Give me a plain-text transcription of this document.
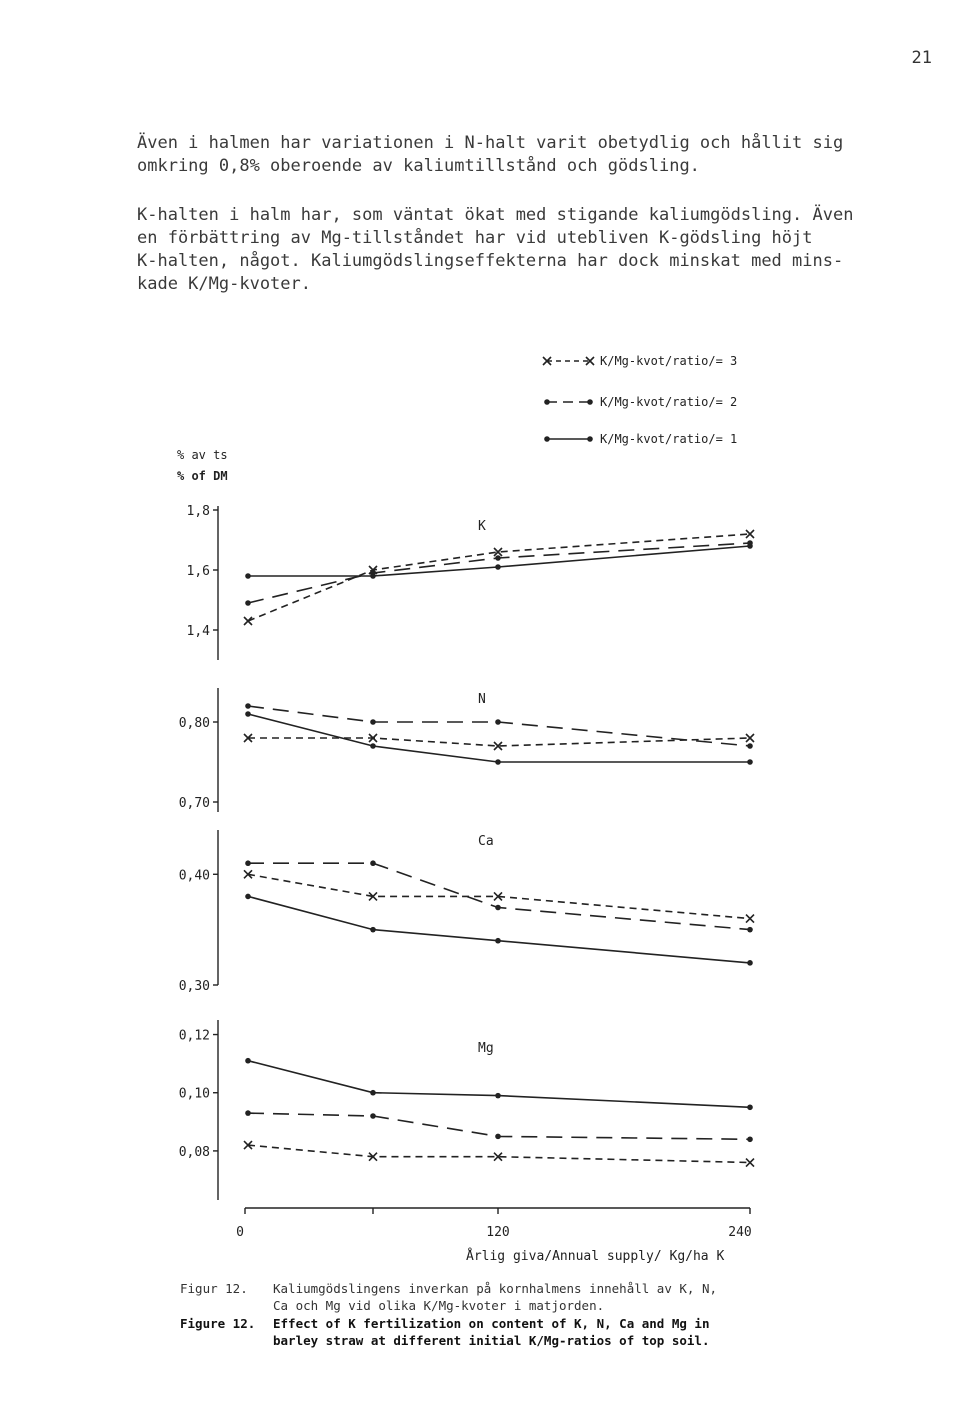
21

Även i halmen har variationen i N-halt varit obetydlig och hållit sig
omkring 0,8% oberoende av kaliumtillstånd och gödsling.

K-halten i halm har, som väntat ökat med stigande kaliumgödsling. Även
en förbättring av Mg-tillståndet har vid utebliven K-gödsling höjt
K-halten, något. Kaliumgödslingseffekterna har dock minskat med mins-
kade K/Mg-kvoter.

K/Mg-kvot/ratio/= 3
K/Mg-kvot/ratio/= 2
K/Mg-kvot/ratio/= 1
% av ts
% of DM
1,8
1,6
1,4
K
0,80
0,70
N
0,40
0,30
Ca
0,12
0,10
0,08
Mg
0	120	240
Årlig giva/Annual supply/ Kg/ha K
Figur 12. Kaliumgödslingens inverkan på kornhalmens innehåll av K, N,
Ca och Mg vid olika K/Mg-kvoter i matjorden.
Figure 12. Effect of K fertilization on content of K, N, Ca and Mg in
barley straw at different initial K/Mg-ratios of top soil.
